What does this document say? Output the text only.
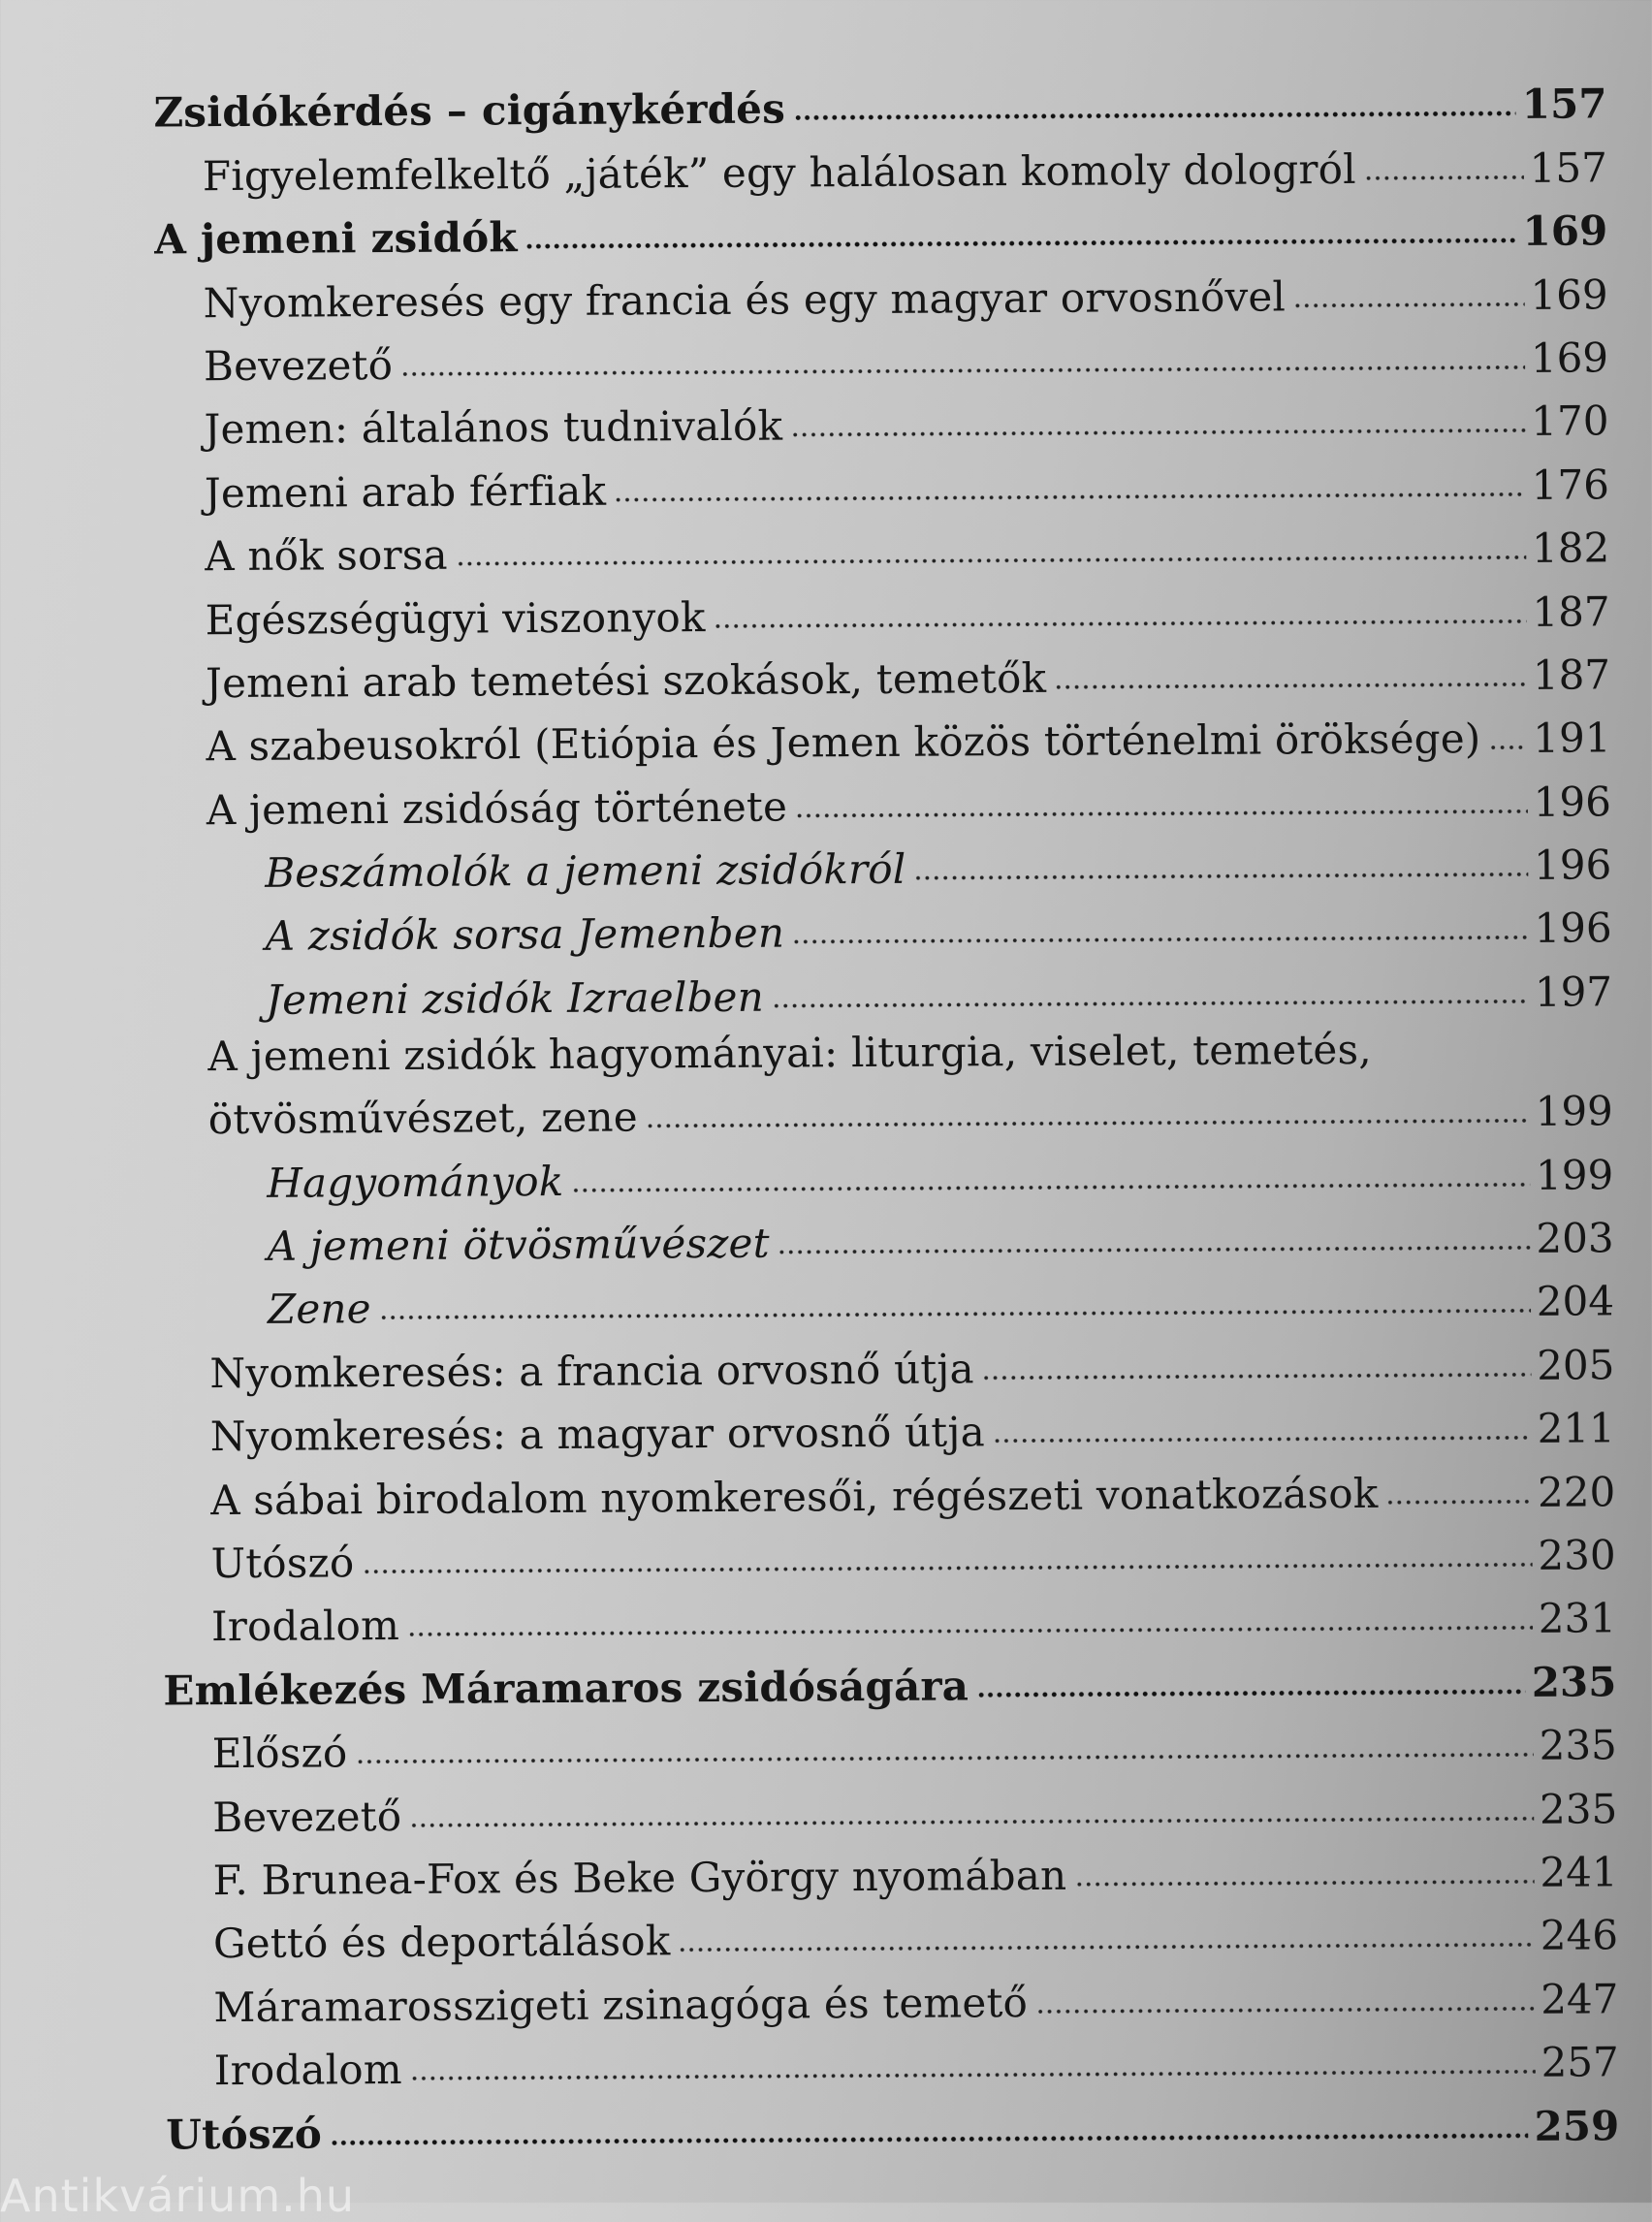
Zsidókérdés – cigánykérdés	157
Figyelemfelkeltő „játék” egy halálosan komoly dologról	157
A jemeni zsidók	169
Nyomkeresés egy francia és egy magyar orvosnővel	169
Bevezető	169
Jemen: általános tudnivalók	170
Jemeni arab férfiak	176
A nők sorsa	182
Egészségügyi viszonyok	187
Jemeni arab temetési szokások, temetők	187
A szabeusokról (Etiópia és Jemen közös történelmi öröksége) 191
A jemeni zsidóság története	196
Beszámolók a jemeni zsidókról	196
A zsidók sorsa Jemenben	196
Jemeni zsidók Izraelben	197
A jemeni zsidók hagyományai: liturgia, viselet, temetés,
ötvösművészet, zene	199
Hagyományok	199
A jemeni ötvösművészet	203
Zene	204
Nyomkeresés: a francia orvosnő útja	205
Nyomkeresés: a magyar orvosnő útja	211
A sábai birodalom nyomkeresői, régészeti vonatkozások	220
Utószó	230
Irodalom	231
Emlékezés Máramaros zsidóságára	235
Előszó	235
Bevezető	235
F. Brunea-Fox és Beke György nyomában	241
Gettó és deportálások	246
Máramarosszigeti zsinagóga és temető	247
Irodalom	257
Utószó	259
Antikvárium.hu
